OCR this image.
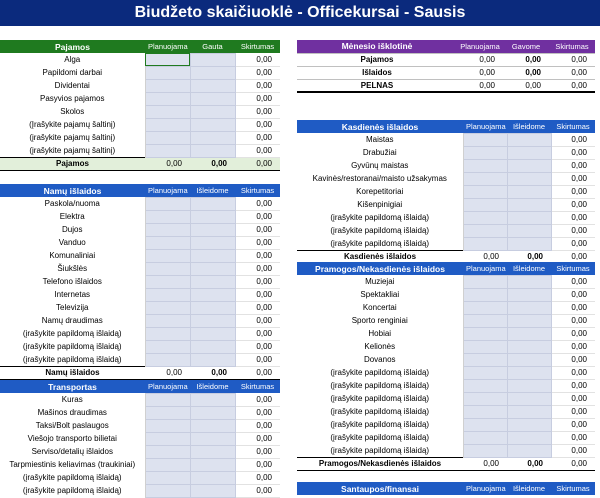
Biudžeto skaičiuoklė - Officekursai - Sausis
Pajamos	Planuojama	Gauta	Skirtumas
Alga			0,00
Papildomi darbai			0,00
Dividentai			0,00
Pasyvios pajamos			0,00
Skolos			0,00
(Įrašykite pajamų šaltinį)			0,00
(įrašykite pajamų šaltinį)			0,00
(įrašykite pajamų šaltinį)			0,00
Pajamos	0,00	0,00	0,00
Namų išlaidos	Planuojama	Išleidome	Skirtumas
Paskola/nuoma			0,00
Elektra			0,00
Dujos			0,00
Vanduo			0,00
Komunaliniai			0,00
Šiukšlės			0,00
Telefono išlaidos			0,00
Internetas			0,00
Televizija			0,00
Namų draudimas			0,00
(įrašykite papildomą išlaidą)			0,00
(įrašykite papildomą išlaidą)			0,00
(įrašykite papildomą išlaidą)			0,00
Namų išlaidos	0,00	0,00	0,00
Transportas	Planuojama	Išleidome	Skirtumas
Kuras			0,00
Mašinos draudimas			0,00
Taksi/Bolt paslaugos			0,00
Viešojo transporto bilietai			0,00
Serviso/detalių išlaidos			0,00
Tarpmiestinis keliavimas (traukiniai)			0,00
(įrašykite papildomą išlaidą)			0,00
(įrašykite papildomą išlaidą)			0,00
Mėnesio išklotinė	Planuojama	Gavome	Skirtumas
Pajamos	0,00	0,00	0,00
Išlaidos	0,00	0,00	0,00
PELNAS	0,00	0,00	0,00
Kasdienės išlaidos	Planuojama	Išleidome	Skirtumas
Maistas			0,00
Drabužiai			0,00
Gyvūnų maistas			0,00
Kavinės/restoranai/maisto užsakymas			0,00
Korepetitoriai			0,00
Kišenpinigiai			0,00
(įrašykite papildomą išlaidą)			0,00
(įrašykite papildomą išlaidą)			0,00
(įrašykite papildomą išlaidą)			0,00
Kasdienės išlaidos	0,00	0,00	0,00
Pramogos/Nekasdienės išlaidos	Planuojama	Išleidome	Skirtumas
Muziejai			0,00
Spektakliai			0,00
Koncertai			0,00
Sporto renginiai			0,00
Hobiai			0,00
Kelionės			0,00
Dovanos			0,00
(įrašykite papildomą išlaidą)			0,00
(įrašykite papildomą išlaidą)			0,00
(įrašykite papildomą išlaidą)			0,00
(įrašykite papildomą išlaidą)			0,00
(įrašykite papildomą išlaidą)			0,00
(įrašykite papildomą išlaidą)			0,00
(įrašykite papildomą išlaidą)			0,00
Pramogos/Nekasdienės išlaidos	0,00	0,00	0,00
Santaupos/finansai	Planuojama	Išleidome	Skirtumas
